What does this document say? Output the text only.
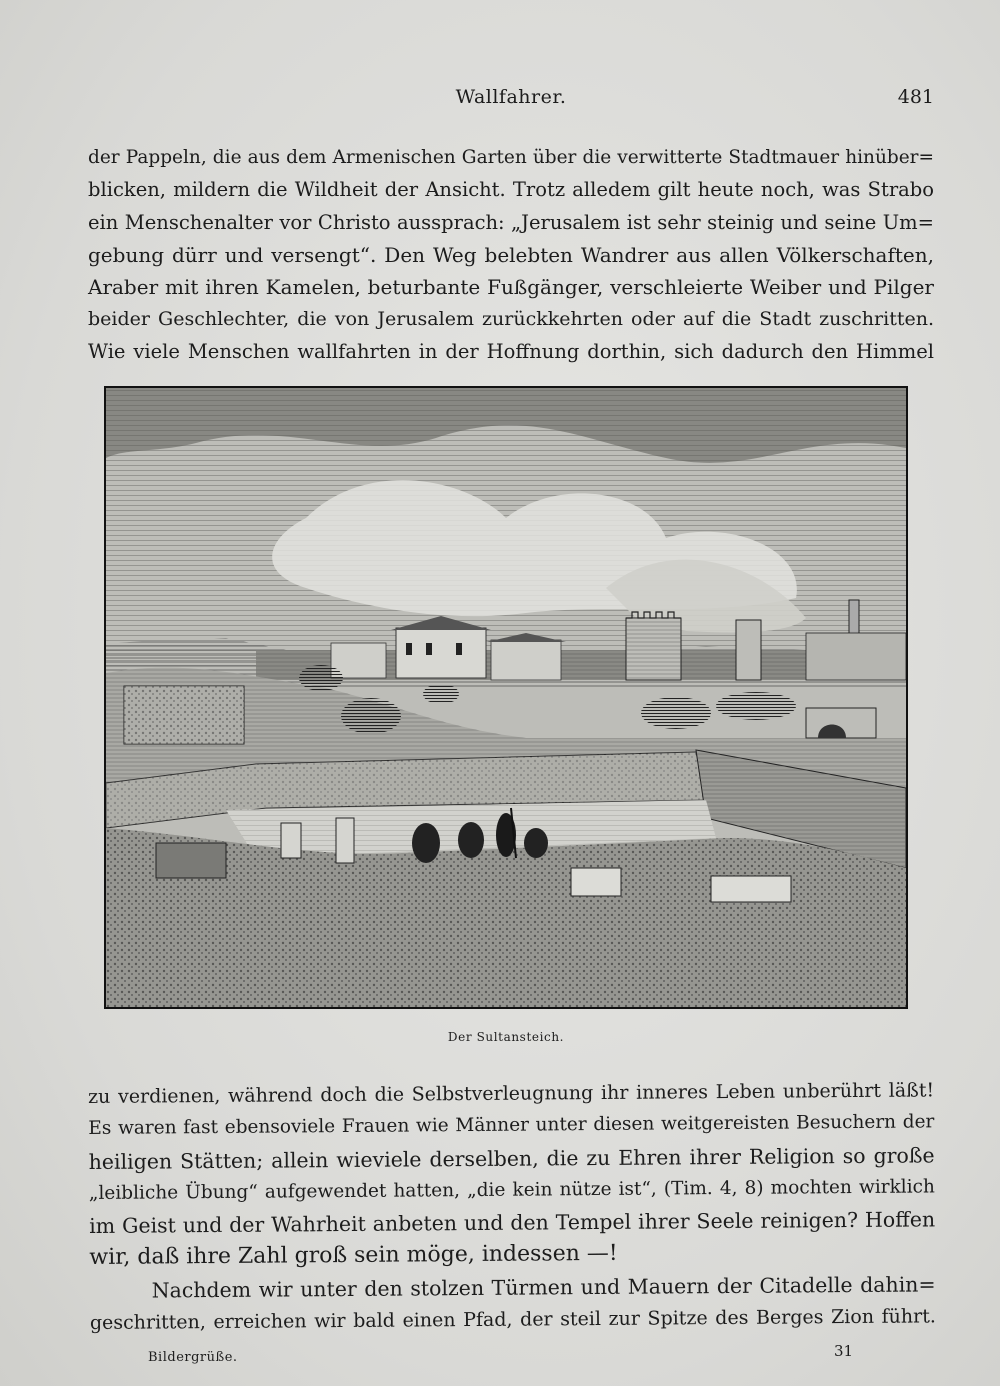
Wallfahrer.	481
der Pappeln, die aus dem Armenischen Garten über die verwitterte Stadtmauer hinüber=
blicken, mildern die Wildheit der Ansicht. Trotz alledem gilt heute noch, was Strabo
ein Menschenalter vor Christo aussprach: „Jerusalem ist sehr steinig und seine Um=
gebung dürr und versengt“. Den Weg belebten Wandrer aus allen Völkerschaften,
Araber mit ihren Kamelen, beturbante Fußgänger, verschleierte Weiber und Pilger
beider Geschlechter, die von Jerusalem zurückkehrten oder auf die Stadt zuschritten.
Wie viele Menschen wallfahrten in der Hoffnung dorthin, sich dadurch den Himmel
Der Sultansteich.
zu verdienen, während doch die Selbstverleugnung ihr inneres Leben unberührt läßt!
Es waren fast ebensoviele Frauen wie Männer unter diesen weitgereisten Besuchern der
heiligen Stätten; allein wieviele derselben, die zu Ehren ihrer Religion so große
„leibliche Übung“ aufgewendet hatten, „die kein nütze ist“, (Tim. 4, 8) mochten wirklich
im Geist und der Wahrheit anbeten und den Tempel ihrer Seele reinigen? Hoffen
wir, daß ihre Zahl groß sein möge, indessen —!
Nachdem wir unter den stolzen Türmen und Mauern der Citadelle dahin=
geschritten, erreichen wir bald einen Pfad, der steil zur Spitze des Berges Zion führt.
Bildergrüße.	31
